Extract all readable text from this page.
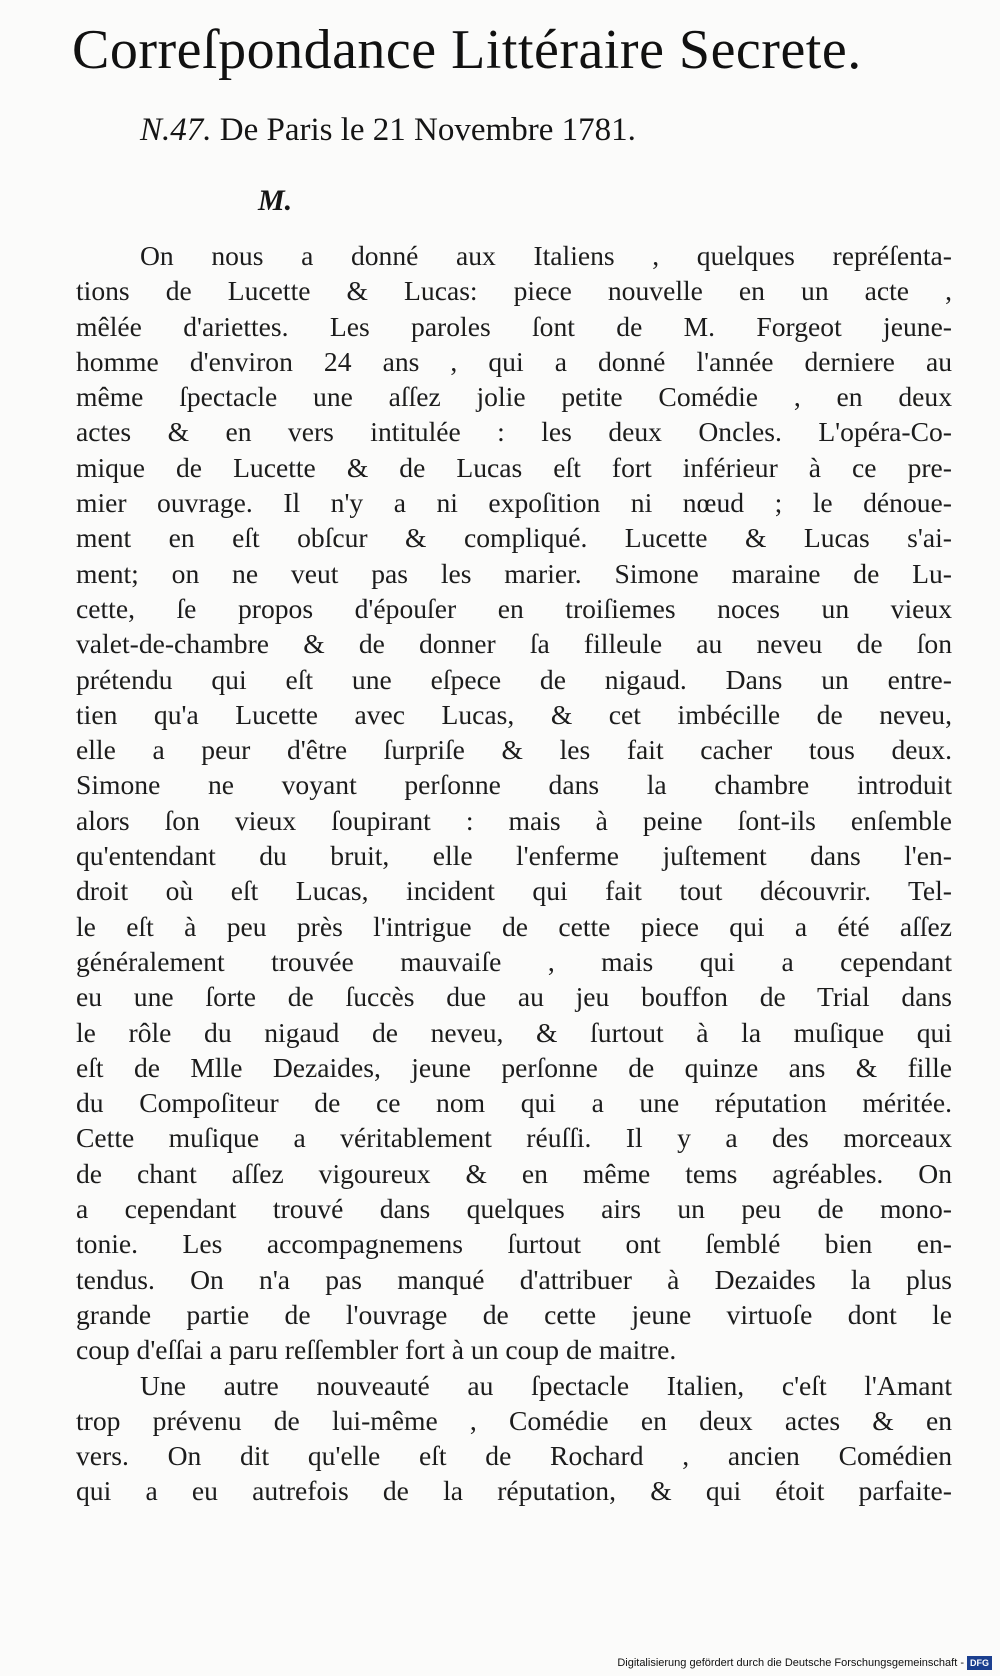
Correſpondance Littéraire Secrete.
N.47. De Paris le 21 Novembre 1781.
M.
On nous a donné aux Italiens , quelques repréſenta-
tions de Lucette & Lucas: piece nouvelle en un acte ,
mêlée d'ariettes. Les paroles ſont de M. Forgeot jeune-
homme d'environ 24 ans , qui a donné l'année derniere au
même ſpectacle une aſſez jolie petite Comédie , en deux
actes & en vers intitulée : les deux Oncles. L'opéra-Co-
mique de Lucette & de Lucas eſt fort inférieur à ce pre-
mier ouvrage. Il n'y a ni expoſition ni nœud ; le dénoue-
ment en eſt obſcur & compliqué. Lucette & Lucas s'ai-
ment; on ne veut pas les marier. Simone maraine de Lu-
cette, ſe propos d'épouſer en troiſiemes noces un vieux
valet-de-chambre & de donner ſa filleule au neveu de ſon
prétendu qui eſt une eſpece de nigaud. Dans un entre-
tien qu'a Lucette avec Lucas, & cet imbécille de neveu,
elle a peur d'être ſurpriſe & les fait cacher tous deux.
Simone ne voyant perſonne dans la chambre introduit
alors ſon vieux ſoupirant : mais à peine ſont-ils enſemble
qu'entendant du bruit, elle l'enferme juſtement dans l'en-
droit où eſt Lucas, incident qui fait tout découvrir. Tel-
le eſt à peu près l'intrigue de cette piece qui a été aſſez
généralement trouvée mauvaiſe , mais qui a cependant
eu une ſorte de ſuccès due au jeu bouffon de Trial dans
le rôle du nigaud de neveu, & ſurtout à la muſique qui
eſt de Mlle Dezaides, jeune perſonne de quinze ans & fille
du Compoſiteur de ce nom qui a une réputation méritée.
Cette muſique a véritablement réuſſi. Il y a des morceaux
de chant aſſez vigoureux & en même tems agréables. On
a cependant trouvé dans quelques airs un peu de mono-
tonie. Les accompagnemens ſurtout ont ſemblé bien en-
tendus. On n'a pas manqué d'attribuer à Dezaides la plus
grande partie de l'ouvrage de cette jeune virtuoſe dont le
coup d'eſſai a paru reſſembler fort à un coup de maitre.
Une autre nouveauté au ſpectacle Italien, c'eſt l'Amant
trop prévenu de lui-même , Comédie en deux actes & en
vers. On dit qu'elle eſt de Rochard , ancien Comédien
qui a eu autrefois de la réputation, & qui étoit parfaite-
Digitalisierung gefördert durch die Deutsche Forschungsgemeinschaft - DFG
